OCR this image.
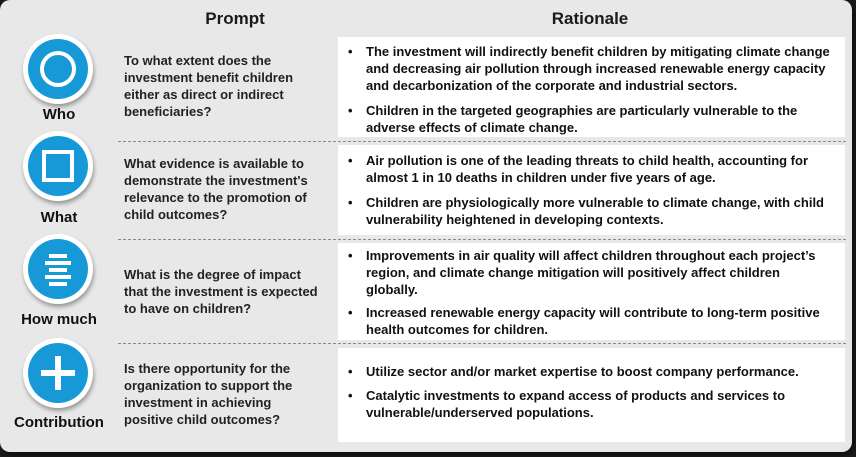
Prompt	Rationale
Who
To what extent does the investment benefit children either as direct or indirect beneficiaries?
• The investment will indirectly benefit children by mitigating climate change and decreasing air pollution through increased renewable energy capacity and decarbonization of the corporate and industrial sectors.
• Children in the targeted geographies are particularly vulnerable to the adverse effects of climate change.
What
What evidence is available to demonstrate the investment's relevance to the promotion of child outcomes?
• Air pollution is one of the leading threats to child health, accounting for almost 1 in 10 deaths in children under five years of age.
• Children are physiologically more vulnerable to climate change, with child vulnerability heightened in developing contexts.
How much
What is the degree of impact that the investment is expected to have on children?
• Improvements in air quality will affect children throughout each project’s region, and climate change mitigation will positively affect children globally.
• Increased renewable energy capacity will contribute to long-term positive health outcomes for children.
Contribution
Is there opportunity for the organization to support the investment in achieving positive child outcomes?
• Utilize sector and/or market expertise to boost company performance.
• Catalytic investments to expand access of products and services to vulnerable/underserved populations.
